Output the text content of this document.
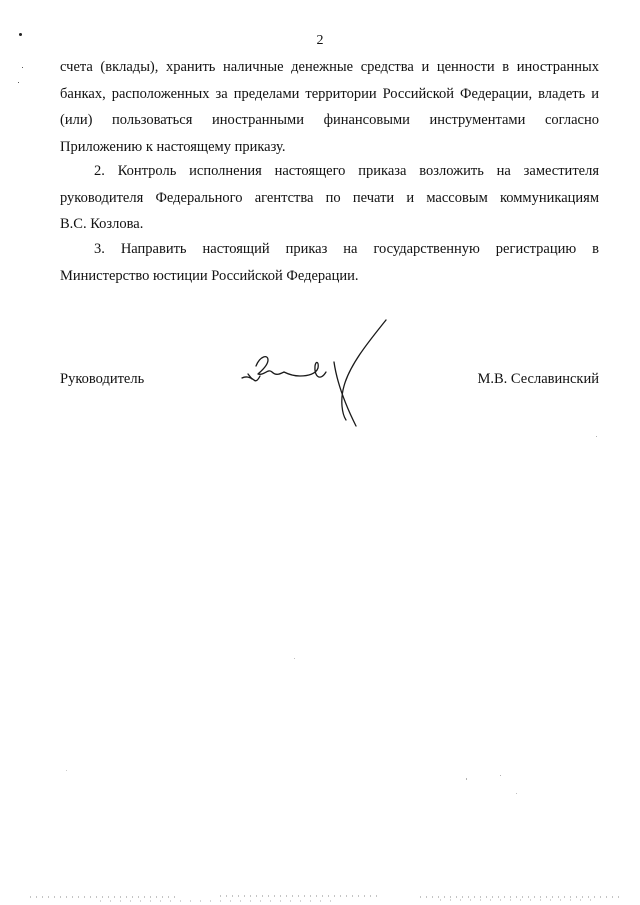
2
счета (вклады), хранить наличные денежные средства и ценности в иностранных
банках, расположенных за пределами территории Российской Федерации, владеть и
(или) пользоваться иностранными финансовыми инструментами согласно
Приложению к настоящему приказу.
2. Контроль исполнения настоящего приказа возложить на заместителя
руководителя Федерального агентства по печати и массовым коммуникациям
В.С. Козлова.
3. Направить настоящий приказ на государственную регистрацию в
Министерство юстиции Российской Федерации.
Руководитель	М.В. Сеславинский
